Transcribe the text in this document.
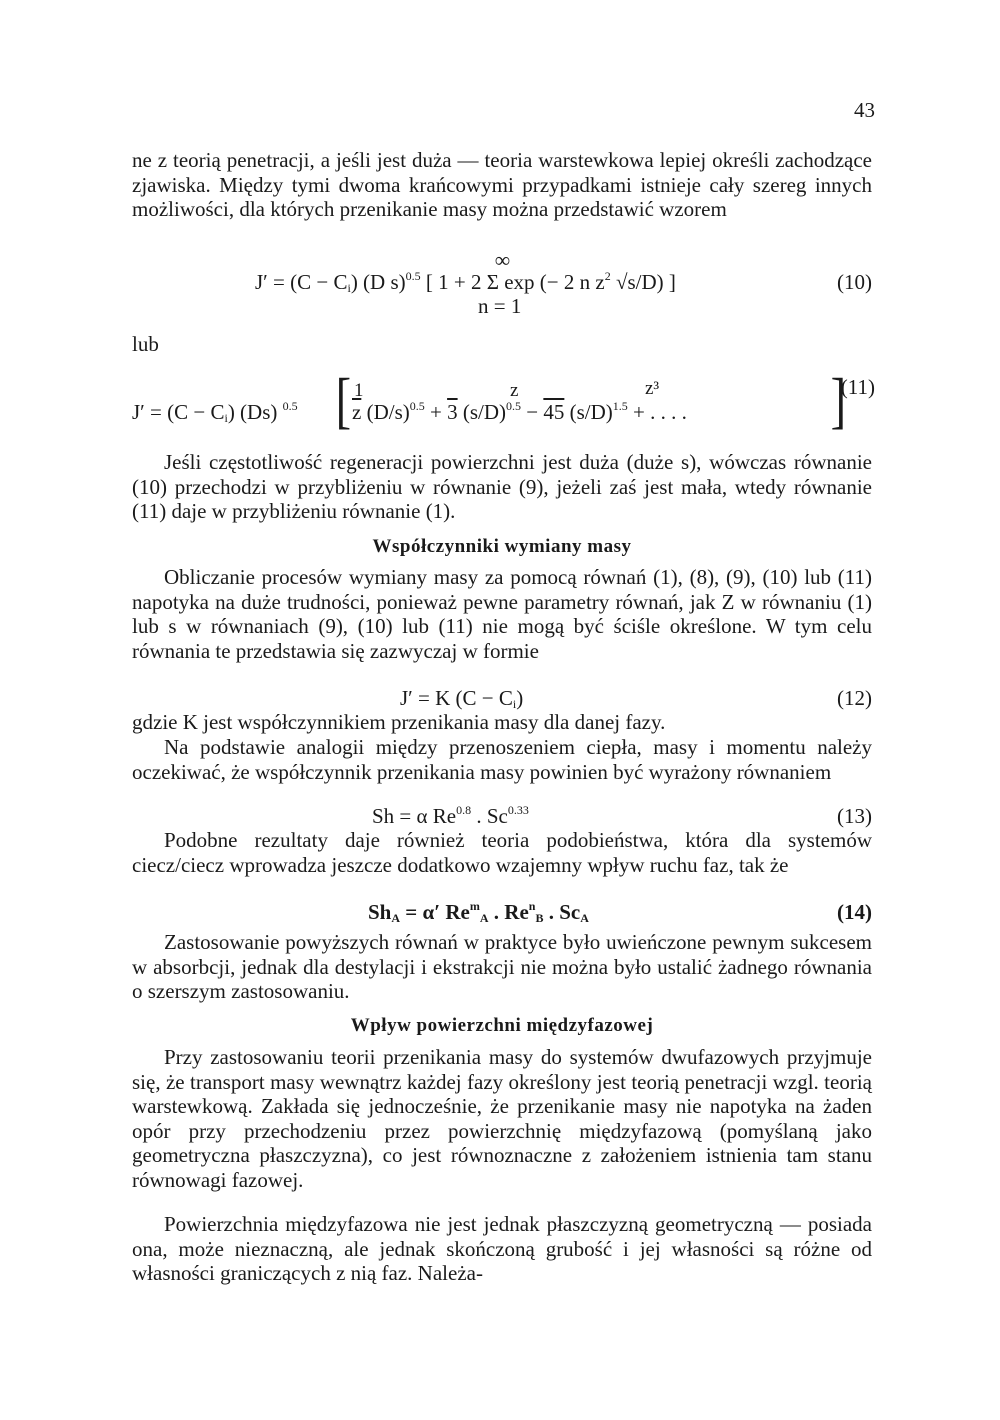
43

ne z teorią penetracji, a jeśli jest duża — teoria warstewkowa lepiej określi zachodzące zjawiska. Między tymi dwoma krańcowymi przypadkami istnieje cały szereg innych możliwości, dla których przenikanie masy można przedstawić wzorem

∞
$J' = (C - C_i)$ (D s)$^{0.5}$ [ 1 + 2 Σ exp (− 2 n $z^2$ √s/D) ]
n = 1
(10)
lub
1	z	z³
[	]
$J' = (C - C_i)$ (Ds) $^{0.5}$	$\overline{z}$ $(D/s)^{0.5} + 3$ $(s/D)^{0.5} - 45$ $(s/D)^{1.5}$ + . . . .
(11)

Jeśli częstotliwość regeneracji powierzchni jest duża (duże s), wówczas równanie (10) przechodzi w przybliżeniu w równanie (9), jeżeli zaś jest mała, wtedy równanie (11) daje w przybliżeniu równanie (1).

Współczynniki wymiany masy

Obliczanie procesów wymiany masy za pomocą równań (1), (8), (9), (10) lub (11) napotyka na duże trudności, ponieważ pewne parametry równań, jak Z w równaniu (1) lub s w równaniach (9), (10) lub (11) nie mogą być ściśle określone. W tym celu równania te przedstawia się zazwyczaj w formie

J′ = K $(C - C_i)$	(12)

gdzie K jest współczynnikiem przenikania masy dla danej fazy.

Na podstawie analogii między przenoszeniem ciepła, masy i momentu należy oczekiwać, że współczynnik przenikania masy powinien być wyrażony równaniem

Sh = α $Re^{0.8}$ . $Sc^{0.33}$	(13)

Podobne rezultaty daje również teoria podobieństwa, która dla systemów ciecz/ciecz wprowadza jeszcze dodatkowo wzajemny wpływ ruchu faz, tak że

$Sh_A = \alpha'$ $Re^m_A$ . $Re^n_B$ . $Sc_A$	(14)

Zastosowanie powyższych równań w praktyce było uwieńczone pewnym sukcesem w absorbcji, jednak dla destylacji i ekstrakcji nie można było ustalić żadnego równania o szerszym zastosowaniu.

Wpływ powierzchni międzyfazowej

Przy zastosowaniu teorii przenikania masy do systemów dwufazowych przyjmuje się, że transport masy wewnątrz każdej fazy określony jest teorią penetracji wzgl. teorią warstewkową. Zakłada się jednocześnie, że przenikanie masy nie napotyka na żaden opór przy przechodzeniu przez powierzchnię międzyfazową (pomyślaną jako geometryczna płaszczyzna), co jest równoznaczne z założeniem istnienia tam stanu równowagi fazowej.

Powierzchnia międzyfazowa nie jest jednak płaszczyzną geometryczną — posiada ona, może nieznaczną, ale jednak skończoną grubość i jej własności są różne od własności graniczących z nią faz. Należa-
